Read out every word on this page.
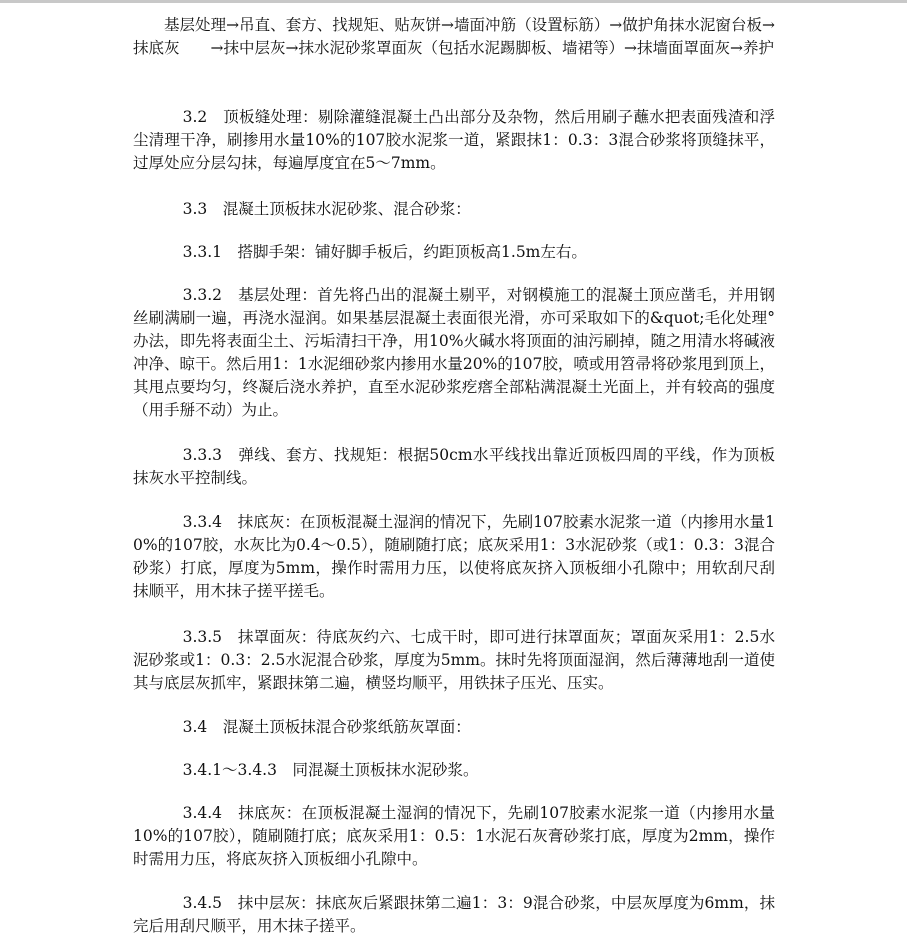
基层处理→吊直、套方、找规矩、贴灰饼→墙面冲筋（设置标筋）→做护角抹水泥窗台板→抹底灰　　→抹中层灰→抹水泥砂浆罩面灰（包括水泥踢脚板、墙裙等）→抹墙面罩面灰→养护

3.2　顶板缝处理：剔除灌缝混凝土凸出部分及杂物，然后用刷子蘸水把表面残渣和浮尘清理干净，刷掺用水量10%的107胶水泥浆一道，紧跟抹1：0.3：3混合砂浆将顶缝抹平，过厚处应分层勾抹，每遍厚度宜在5～7mm。

3.3　混凝土顶板抹水泥砂浆、混合砂浆：

3.3.1　搭脚手架：铺好脚手板后，约距顶板高1.5m左右。

3.3.2　基层处理：首先将凸出的混凝土剔平，对钢模施工的混凝土顶应凿毛，并用钢丝刷满刷一遍，再浇水湿润。如果基层混凝土表面很光滑，亦可采取如下的&quot;毛化处理°办法，即先将表面尘土、污垢清扫干净，用10%火碱水将顶面的油污刷掉，随之用清水将碱液冲净、晾干。然后用1：1水泥细砂浆内掺用水量20%的107胶，喷或用笤帚将砂浆甩到顶上，其甩点要均匀，终凝后浇水养护，直至水泥砂浆疙瘩全部粘满混凝土光面上，并有较高的强度（用手掰不动）为止。

3.3.3　弹线、套方、找规矩：根据50cm水平线找出靠近顶板四周的平线，作为顶板抹灰水平控制线。

3.3.4　抹底灰：在顶板混凝土湿润的情况下，先刷107胶素水泥浆一道（内掺用水量10%的107胶，水灰比为0.4～0.5），随刷随打底；底灰采用1：3水泥砂浆（或1：0.3：3混合砂浆）打底，厚度为5mm，操作时需用力压，以使将底灰挤入顶板细小孔隙中；用软刮尺刮抹顺平，用木抹子搓平搓毛。

3.3.5　抹罩面灰：待底灰约六、七成干时，即可进行抹罩面灰；罩面灰采用1：2.5水泥砂浆或1：0.3：2.5水泥混合砂浆，厚度为5mm。抹时先将顶面湿润，然后薄薄地刮一道使其与底层灰抓牢，紧跟抹第二遍，横竖均顺平，用铁抹子压光、压实。

3.4　混凝土顶板抹混合砂浆纸筋灰罩面：

3.4.1～3.4.3　同混凝土顶板抹水泥砂浆。

3.4.4　抹底灰：在顶板混凝土湿润的情况下，先刷107胶素水泥浆一道（内掺用水量　10%的107胶），随刷随打底；底灰采用1：0.5：1水泥石灰膏砂浆打底，厚度为2mm，操作时需用力压，将底灰挤入顶板细小孔隙中。

3.4.5　抹中层灰：抹底灰后紧跟抹第二遍1：3：9混合砂浆，中层灰厚度为6mm，抹完后用刮尺顺平，用木抹子搓平。
